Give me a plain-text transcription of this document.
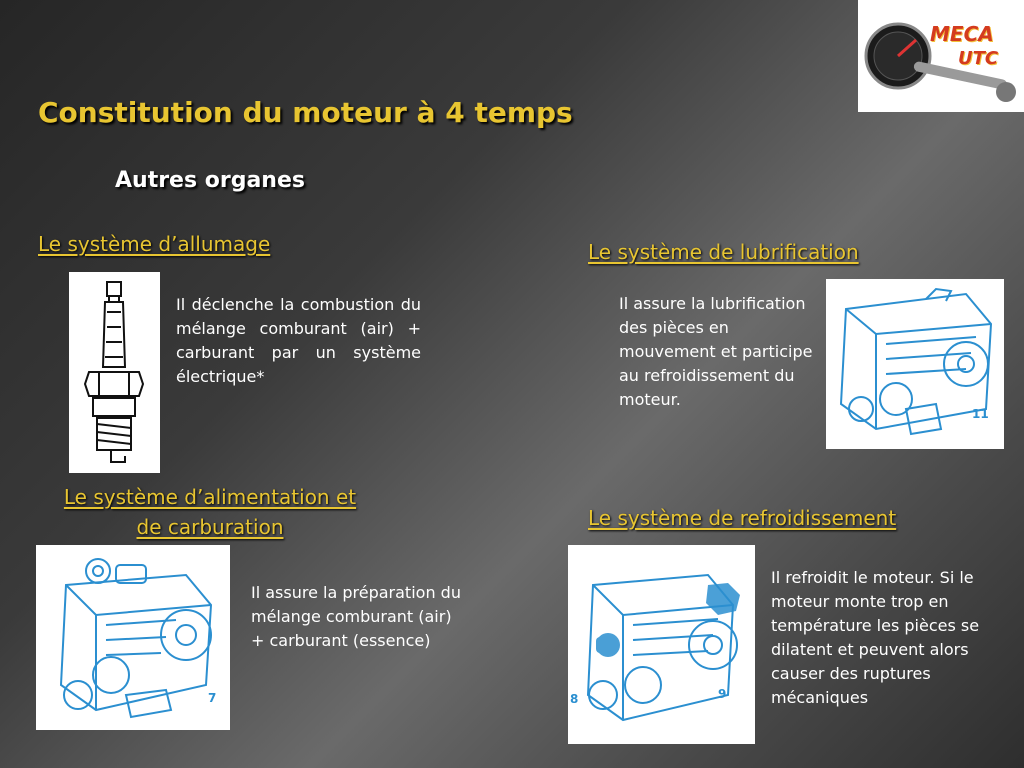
MECA
UTC
Constitution du moteur à 4 temps
Autres organes
Le système d’allumage
Il déclenche la combustion du mélange comburant (air) + carburant par un système électrique*
Le système d’alimentation et
de carburation
7
Il assure la préparation du mélange comburant (air) + carburant (essence)
Le système de lubrification
Il assure la lubrification des pièces en mouvement et participe au refroidissement du moteur.
11
Le système de refroidissement
8	9
Il refroidit le moteur. Si le moteur monte trop en température les pièces se dilatent et peuvent alors causer des ruptures mécaniques
